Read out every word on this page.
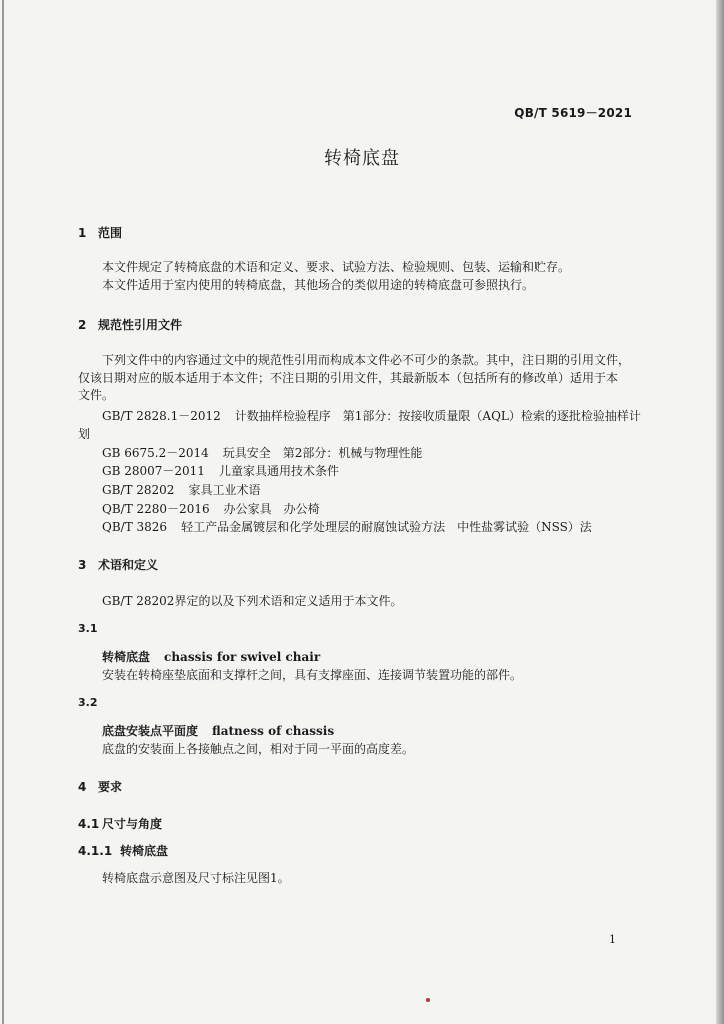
QB/T 5619－2021
转椅底盘
1 范围
本文件规定了转椅底盘的术语和定义、要求、试验方法、检验规则、包装、运输和贮存。
本文件适用于室内使用的转椅底盘，其他场合的类似用途的转椅底盘可参照执行。
2 规范性引用文件
下列文件中的内容通过文中的规范性引用而构成本文件必不可少的条款。其中，注日期的引用文件，
仅该日期对应的版本适用于本文件；不注日期的引用文件，其最新版本（包括所有的修改单）适用于本
文件。
GB/T 2828.1－2012 计数抽样检验程序　第1部分：按接收质量限（AQL）检索的逐批检验抽样计
划
GB 6675.2－2014 玩具安全　第2部分：机械与物理性能
GB 28007－2011 儿童家具通用技术条件
GB/T 28202 家具工业术语
QB/T 2280－2016 办公家具　办公椅
QB/T 3826 轻工产品金属镀层和化学处理层的耐腐蚀试验方法　中性盐雾试验（NSS）法
3 术语和定义
GB/T 28202界定的以及下列术语和定义适用于本文件。
3.1
转椅底盘 chassis for swivel chair
安装在转椅座垫底面和支撑杆之间，具有支撑座面、连接调节装置功能的部件。
3.2
底盘安装点平面度 flatness of chassis
底盘的安装面上各接触点之间，相对于同一平面的高度差。
4 要求
4.1 尺寸与角度
4.1.1 转椅底盘
转椅底盘示意图及尺寸标注见图1。
1
